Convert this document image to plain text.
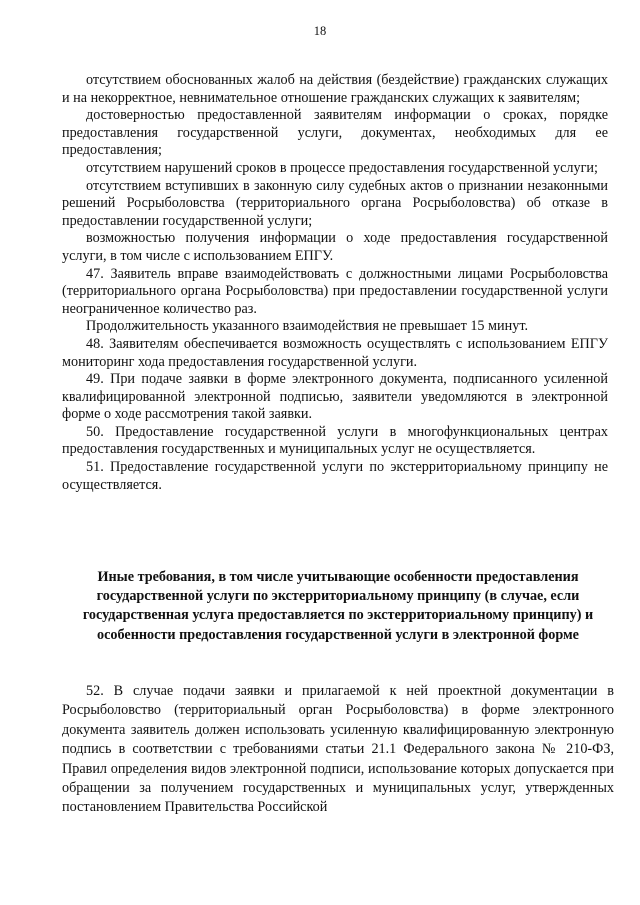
18

отсутствием обоснованных жалоб на действия (бездействие) гражданских служащих и на некорректное, невнимательное отношение гражданских служащих к заявителям;

достоверностью предоставленной заявителям информации о сроках, порядке предоставления государственной услуги, документах, необходимых для ее предоставления;

отсутствием нарушений сроков в процессе предоставления государственной услуги;

отсутствием вступивших в законную силу судебных актов о признании незаконными решений Росрыболовства (территориального органа Росрыболовства) об отказе в предоставлении государственной услуги;

возможностью получения информации о ходе предоставления государственной услуги, в том числе с использованием ЕПГУ.

47. Заявитель вправе взаимодействовать с должностными лицами Росрыболовства (территориального органа Росрыболовства) при предоставлении государственной услуги неограниченное количество раз.

Продолжительность указанного взаимодействия не превышает 15 минут.

48. Заявителям обеспечивается возможность осуществлять с использованием ЕПГУ мониторинг хода предоставления государственной услуги.

49. При подаче заявки в форме электронного документа, подписанного усиленной квалифицированной электронной подписью, заявители уведомляются в электронной форме о ходе рассмотрения такой заявки.

50. Предоставление государственной услуги в многофункциональных центрах предоставления государственных и муниципальных услуг не осуществляется.

51. Предоставление государственной услуги по экстерриториальному принципу не осуществляется.

Иные требования, в том числе учитывающие особенности предоставления государственной услуги по экстерриториальному принципу (в случае, если государственная услуга предоставляется по экстерриториальному принципу) и особенности предоставления государственной услуги в электронной форме

52. В случае подачи заявки и прилагаемой к ней проектной документации в Росрыболовство (территориальный орган Росрыболовства) в форме электронного документа заявитель должен использовать усиленную квалифицированную электронную подпись в соответствии с требованиями статьи 21.1 Федерального закона № 210-ФЗ, Правил определения видов электронной подписи, использование которых допускается при обращении за получением государственных и муниципальных услуг, утвержденных постановлением Правительства Российской
